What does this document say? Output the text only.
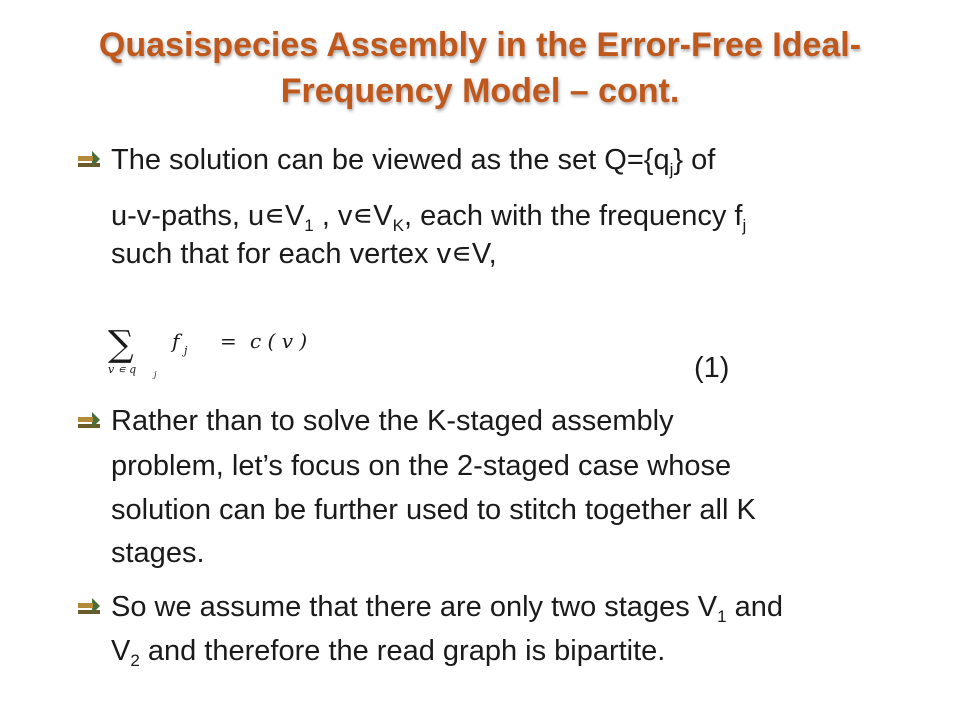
Quasispecies Assembly in the Error-Free Ideal-
Frequency Model – cont.
The solution can be viewed as the set $Q=\{q_j\}$ of
u-v-paths, $u∊V_1$ , $v∊V_K$, each with the frequency $f_j$
such that for each vertex v∊V,
∑ f j = c ( v )
v ∊ q j	(1)
Rather than to solve the K-staged assembly
problem, let’s focus on the 2-staged case whose
solution can be further used to stitch together all K
stages.
So we assume that there are only two stages $V_1$ and
$V_2$ and therefore the read graph is bipartite.
